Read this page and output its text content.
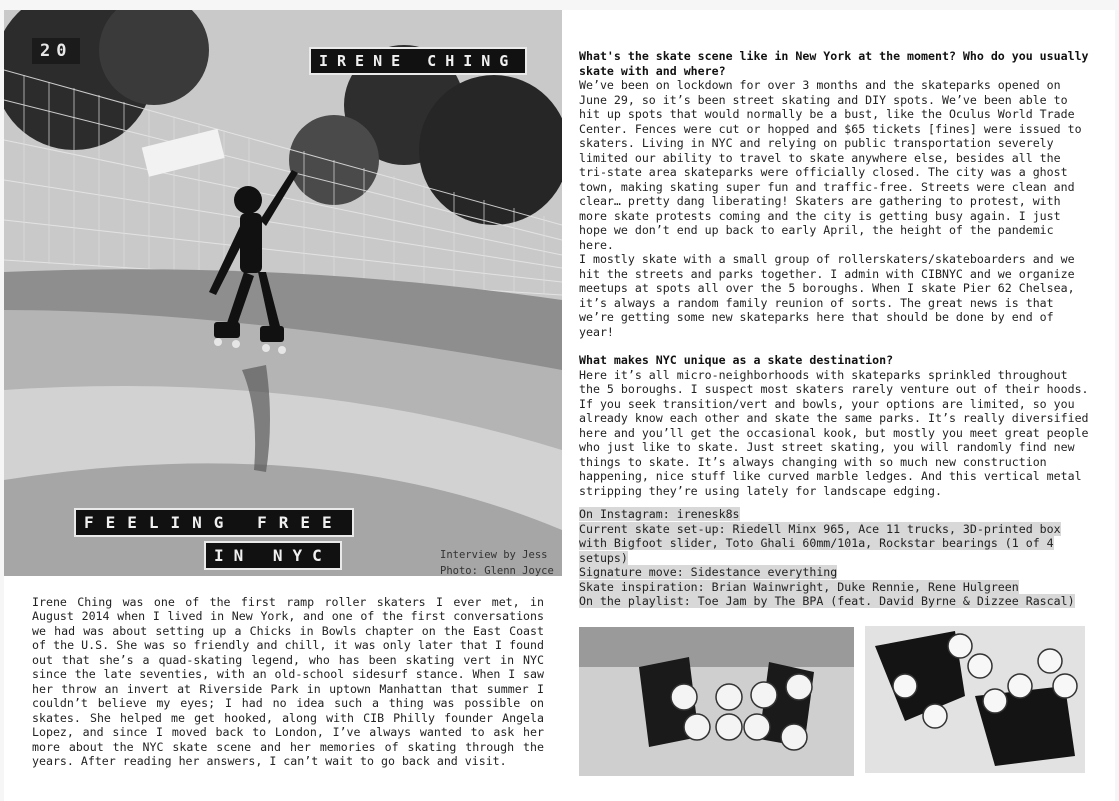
20	IRENE CHING
FEELING FREE
IN NYC	Interview by Jess
Photo: Glenn Joyce

Irene Ching was one of the first ramp roller skaters I ever met, in August 2014 when I lived in New York, and one of the first conversations we had was about setting up a Chicks in Bowls chapter on the East Coast of the U.S. She was so friendly and chill, it was only later that I found out that she’s a quad-skating legend, who has been skating vert in NYC since the late seventies, with an old-school sidesurf stance. When I saw her throw an invert at Riverside Park in uptown Manhattan that summer I couldn’t believe my eyes; I had no idea such a thing was possible on skates. She helped me get hooked, along with CIB Philly founder Angela Lopez, and since I moved back to London, I’ve always wanted to ask her more about the NYC skate scene and her memories of skating through the years. After reading her answers, I can’t wait to go back and visit.

What's the skate scene like in New York at the moment? Who do you usually skate with and where?

We’ve been on lockdown for over 3 months and the skateparks opened on June 29, so it’s been street skating and DIY spots. We’ve been able to hit up spots that would normally be a bust, like the Oculus World Trade Center. Fences were cut or hopped and $65 tickets [fines] were issued to skaters. Living in NYC and relying on public transportation severely limited our ability to travel to skate anywhere else, besides all the tri-state area skateparks were officially closed. The city was a ghost town, making skating super fun and traffic-free. Streets were clean and clear… pretty dang liberating! Skaters are gathering to protest, with more skate protests coming and the city is getting busy again. I just hope we don’t end up back to early April, the height of the pandemic here.

I mostly skate with a small group of rollerskaters/skateboarders and we hit the streets and parks together. I admin with CIBNYC and we organize meetups at spots all over the 5 boroughs. When I skate Pier 62 Chelsea, it’s always a random family reunion of sorts. The great news is that we’re getting some new skateparks here that should be done by end of year!

What makes NYC unique as a skate destination?

Here it’s all micro-neighborhoods with skateparks sprinkled throughout the 5 boroughs. I suspect most skaters rarely venture out of their hoods. If you seek transition/vert and bowls, your options are limited, so you already know each other and skate the same parks. It’s really diversified here and you’ll get the occasional kook, but mostly you meet great people who just like to skate. Just street skating, you will randomly find new things to skate. It’s always changing with so much new construction happening, nice stuff like curved marble ledges. And this vertical metal stripping they’re using lately for landscape edging.

On Instagram: irenesk8s

Current skate set-up: Riedell Minx 965, Ace 11 trucks, 3D-printed box with Bigfoot slider, Toto Ghali 60mm/101a, Rockstar bearings (1 of 4 setups)

Signature move: Sidestance everything

Skate inspiration: Brian Wainwright, Duke Rennie, Rene Hulgreen

On the playlist: Toe Jam by The BPA (feat. David Byrne & Dizzee Rascal)
